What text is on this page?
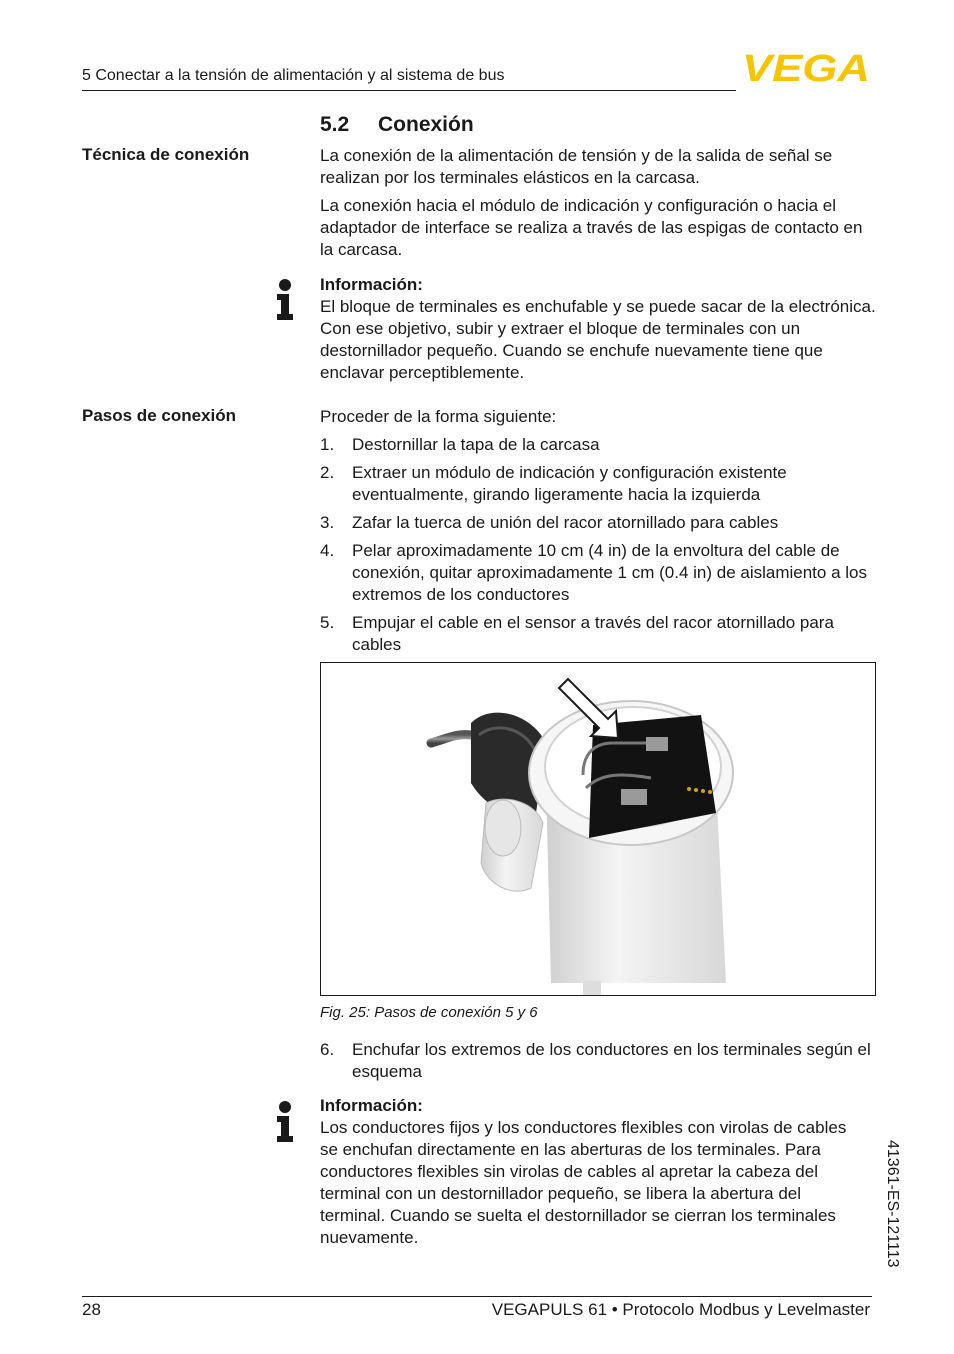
5 Conectar a la tensión de alimentación y al sistema de bus	VEGA
5.2 Conexión
Técnica de conexión	La conexión de la alimentación de tensión y de la salida de señal se realizan por los terminales elásticos en la carcasa.
La conexión hacia el módulo de indicación y configuración o hacia el adaptador de interface se realiza a través de las espigas de contacto en la carcasa.
Información:
El bloque de terminales es enchufable y se puede sacar de la electrónica. Con ese objetivo, subir y extraer el bloque de terminales con un destornillador pequeño. Cuando se enchufe nuevamente tiene que enclavar perceptiblemente.
Pasos de conexión	Proceder de la forma siguiente:
1.	Destornillar la tapa de la carcasa
2.	Extraer un módulo de indicación y configuración existente eventualmente, girando ligeramente hacia la izquierda
3.	Zafar la tuerca de unión del racor atornillado para cables
4.	Pelar aproximadamente 10 cm (4 in) de la envoltura del cable de conexión, quitar aproximadamente 1 cm (0.4 in) de aislamiento a los extremos de los conductores
5.	Empujar el cable en el sensor a través del racor atornillado para cables
Fig. 25: Pasos de conexión 5 y 6
6.	Enchufar los extremos de los conductores en los terminales según el esquema
Información:
Los conductores fijos y los conductores flexibles con virolas de cables se enchufan directamente en las aberturas de los terminales. Para conductores flexibles sin virolas de cables al apretar la cabeza del terminal con un destornillador pequeño, se libera la abertura del terminal. Cuando se suelta el destornillador se cierran los terminales nuevamente.	41361-ES-121113
28	VEGAPULS 61 • Protocolo Modbus y Levelmaster
